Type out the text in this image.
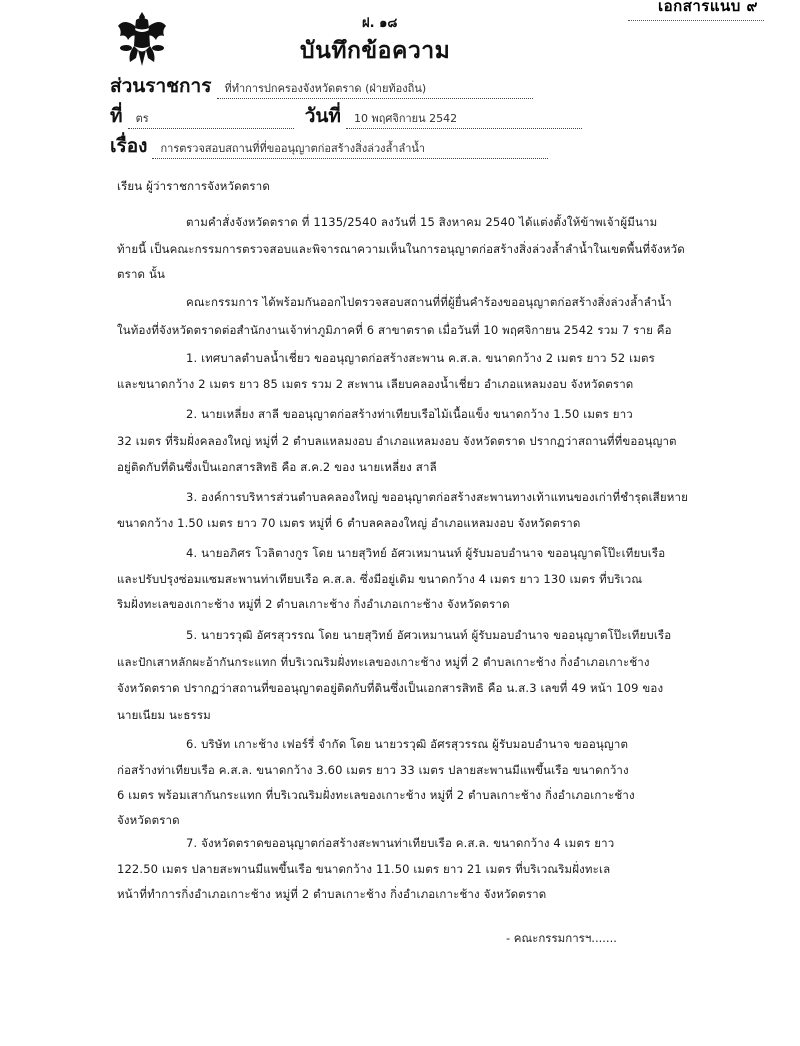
เอกสารแนบ ๙
ฝ. ๑๘
บันทึกข้อความ
ส่วนราชการ ที่ทำการปกครองจังหวัดตราด (ฝ่ายท้องถิ่น)
ที่ ตร	วันที่ 10 พฤศจิกายน 2542
เรื่อง การตรวจสอบสถานที่ที่ขออนุญาตก่อสร้างสิ่งล่วงล้ำลำน้ำ
เรียน ผู้ว่าราชการจังหวัดตราด
ตามคำสั่งจังหวัดตราด ที่ 1135/2540 ลงวันที่ 15 สิงหาคม 2540 ได้แต่งตั้งให้ข้าพเจ้าผู้มีนาม
ท้ายนี้ เป็นคณะกรรมการตรวจสอบและพิจารณาความเห็นในการอนุญาตก่อสร้างสิ่งล่วงล้ำลำน้ำในเขตพื้นที่จังหวัด
ตราด นั้น
คณะกรรมการ ได้พร้อมกันออกไปตรวจสอบสถานที่ที่ผู้ยื่นคำร้องขออนุญาตก่อสร้างสิ่งล่วงล้ำลำน้ำ
ในท้องที่จังหวัดตราดต่อสำนักงานเจ้าท่าภูมิภาคที่ 6 สาขาตราด เมื่อวันที่ 10 พฤศจิกายน 2542 รวม 7 ราย คือ
1. เทศบาลตำบลน้ำเชี่ยว ขออนุญาตก่อสร้างสะพาน ค.ส.ล. ขนาดกว้าง 2 เมตร ยาว 52 เมตร
และขนาดกว้าง 2 เมตร ยาว 85 เมตร รวม 2 สะพาน เลียบคลองน้ำเชี่ยว อำเภอแหลมงอบ จังหวัดตราด
2. นายเหลี่ยง สาลี ขออนุญาตก่อสร้างท่าเทียบเรือไม้เนื้อแข็ง ขนาดกว้าง 1.50 เมตร ยาว
32 เมตร ที่ริมฝั่งคลองใหญ่ หมู่ที่ 2 ตำบลแหลมงอบ อำเภอแหลมงอบ จังหวัดตราด ปรากฏว่าสถานที่ที่ขออนุญาต
อยู่ติดกับที่ดินซึ่งเป็นเอกสารสิทธิ คือ ส.ค.2 ของ นายเหลี่ยง สาลี
3. องค์การบริหารส่วนตำบลคลองใหญ่ ขออนุญาตก่อสร้างสะพานทางเท้าแทนของเก่าที่ชำรุดเสียหาย
ขนาดกว้าง 1.50 เมตร ยาว 70 เมตร หมู่ที่ 6 ตำบลคลองใหญ่ อำเภอแหลมงอบ จังหวัดตราด
4. นายอภิศร โวลิตางกูร โดย นายสุวิทย์ อัศวเหมานนท์ ผู้รับมอบอำนาจ ขออนุญาตโป๊ะเทียบเรือ
และปรับปรุงซ่อมแซมสะพานท่าเทียบเรือ ค.ส.ล. ซึ่งมีอยู่เดิม ขนาดกว้าง 4 เมตร ยาว 130 เมตร ที่บริเวณ
ริมฝั่งทะเลของเกาะช้าง หมู่ที่ 2 ตำบลเกาะช้าง กิ่งอำเภอเกาะช้าง จังหวัดตราด
5. นายวรวุฒิ อัศรสุวรรณ โดย นายสุวิทย์ อัศวเหมานนท์ ผู้รับมอบอำนาจ ขออนุญาตโป๊ะเทียบเรือ
และปักเสาหลักผะอ้ากันกระแทก ที่บริเวณริมฝั่งทะเลของเกาะช้าง หมู่ที่ 2 ตำบลเกาะช้าง กิ่งอำเภอเกาะช้าง
จังหวัดตราด ปรากฏว่าสถานที่ขออนุญาตอยู่ติดกับที่ดินซึ่งเป็นเอกสารสิทธิ คือ น.ส.3 เลขที่ 49 หน้า 109 ของ
นายเนียม นะธรรม
6. บริษัท เกาะช้าง เฟอร์รี่ จำกัด โดย นายวรวุฒิ อัศรสุวรรณ ผู้รับมอบอำนาจ ขออนุญาต
ก่อสร้างท่าเทียบเรือ ค.ส.ล. ขนาดกว้าง 3.60 เมตร ยาว 33 เมตร ปลายสะพานมีแพขึ้นเรือ ขนาดกว้าง
6 เมตร พร้อมเสากันกระแทก ที่บริเวณริมฝั่งทะเลของเกาะช้าง หมู่ที่ 2 ตำบลเกาะช้าง กิ่งอำเภอเกาะช้าง
จังหวัดตราด
7. จังหวัดตราดขออนุญาตก่อสร้างสะพานท่าเทียบเรือ ค.ส.ล. ขนาดกว้าง 4 เมตร ยาว
122.50 เมตร ปลายสะพานมีแพขึ้นเรือ ขนาดกว้าง 11.50 เมตร ยาว 21 เมตร ที่บริเวณริมฝั่งทะเล
หน้าที่ทำการกิ่งอำเภอเกาะช้าง หมู่ที่ 2 ตำบลเกาะช้าง กิ่งอำเภอเกาะช้าง จังหวัดตราด
- คณะกรรมการฯ.......
